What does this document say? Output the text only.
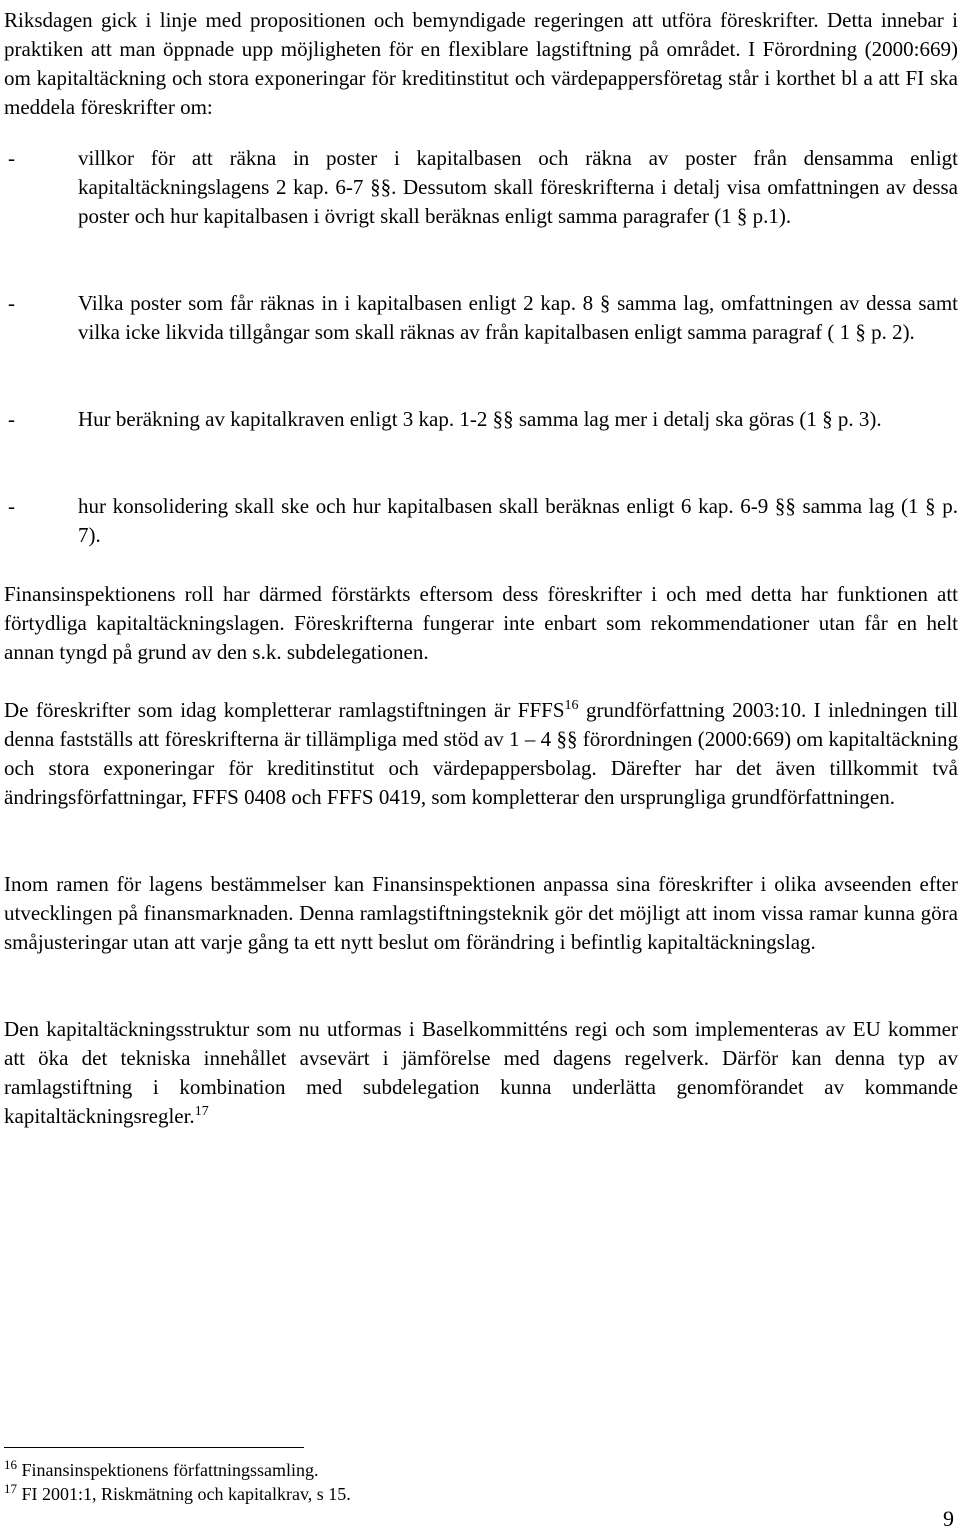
Riksdagen gick i linje med propositionen och bemyndigade regeringen att utföra föreskrifter. Detta innebar i praktiken att man öppnade upp möjligheten för en flexiblare lagstiftning på området. I Förordning (2000:669) om kapitaltäckning och stora exponeringar för kreditinstitut och värdepappersföretag står i korthet bl a att FI ska meddela föreskrifter om:

-	villkor för att räkna in poster i kapitalbasen och räkna av poster från densamma enligt kapitaltäckningslagens 2 kap. 6-7 §§. Dessutom skall föreskrifterna i detalj visa omfattningen av dessa poster och hur kapitalbasen i övrigt skall beräknas enligt samma paragrafer (1 § p.1).
-	Vilka poster som får räknas in i kapitalbasen enligt 2 kap. 8 § samma lag, omfattningen av dessa samt vilka icke likvida tillgångar som skall räknas av från kapitalbasen enligt samma paragraf ( 1 § p. 2).
-	Hur beräkning av kapitalkraven enligt 3 kap. 1-2 §§ samma lag mer i detalj ska göras (1 § p. 3).
-	hur konsolidering skall ske och hur kapitalbasen skall beräknas enligt 6 kap. 6-9 §§ samma lag (1 § p. 7).

Finansinspektionens roll har därmed förstärkts eftersom dess föreskrifter i och med detta har funktionen att förtydliga kapitaltäckningslagen. Föreskrifterna fungerar inte enbart som rekommendationer utan får en helt annan tyngd på grund av den s.k. subdelegationen.

De föreskrifter som idag kompletterar ramlagstiftningen är FFFS$^{16}$ grundförfattning 2003:10. I inledningen till denna fastställs att föreskrifterna är tillämpliga med stöd av 1 – 4 §§ förordningen (2000:669) om kapitaltäckning och stora exponeringar för kreditinstitut och värdepappersbolag. Därefter har det även tillkommit två ändringsförfattningar, FFFS 0408 och FFFS 0419, som kompletterar den ursprungliga grundförfattningen.

Inom ramen för lagens bestämmelser kan Finansinspektionen anpassa sina föreskrifter i olika avseenden efter utvecklingen på finansmarknaden. Denna ramlagstiftningsteknik gör det möjligt att inom vissa ramar kunna göra småjusteringar utan att varje gång ta ett nytt beslut om förändring i befintlig kapitaltäckningslag.

Den kapitaltäckningsstruktur som nu utformas i Baselkommitténs regi och som implementeras av EU kommer att öka det tekniska innehållet avsevärt i jämförelse med dagens regelverk. Därför kan denna typ av ramlagstiftning i kombination med subdelegation kunna underlätta genomförandet av kommande kapitaltäckningsregler.$^{17}$

$^{16}$ Finansinspektionens författningssamling.

$^{17}$ FI 2001:1, Riskmätning och kapitalkrav, s 15.

9
